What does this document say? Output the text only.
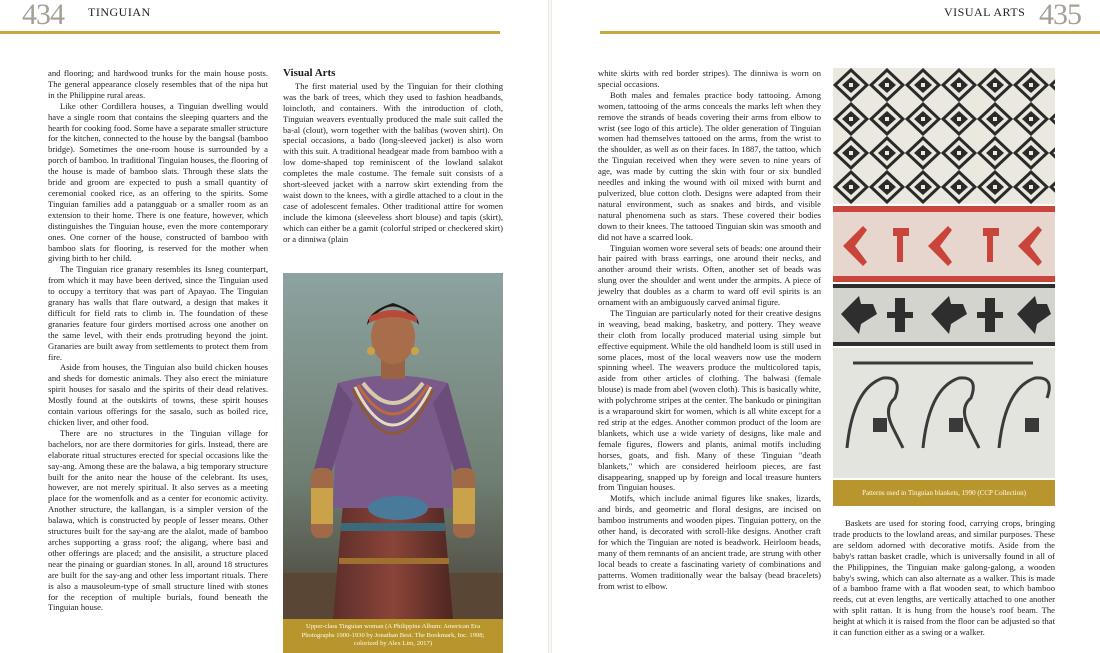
434 TINGUIAN

and flooring; and hardwood trunks for the main house posts. The general appearance closely resembles that of the nipa hut in the Philippine rural areas.

Like other Cordillera houses, a Tinguian dwelling would have a single room that contains the sleeping quarters and the hearth for cooking food. Some have a separate smaller structure for the kitchen, connected to the house by the bangsal (bamboo bridge). Sometimes the one-room house is surrounded by a porch of bamboo. In traditional Tinguian houses, the flooring of the house is made of bamboo slats. Through these slats the bride and groom are expected to push a small quantity of ceremonial cooked rice, as an offering to the spirits. Some Tinguian families add a patangguab or a smaller room as an extension to their home. There is one feature, however, which distinguishes the Tinguian house, even the more contemporary ones. One corner of the house, constructed of bamboo with bamboo slats for flooring, is reserved for the mother when giving birth to her child.

The Tinguian rice granary resembles its Isneg counterpart, from which it may have been derived, since the Tinguian used to occupy a territory that was part of Apayao. The Tinguian granary has walls that flare outward, a design that makes it difficult for field rats to climb in. The foundation of these granaries feature four girders mortised across one another on the same level, with their ends protruding beyond the joint. Granaries are built away from settlements to protect them from fire.

Aside from houses, the Tinguian also build chicken houses and sheds for domestic animals. They also erect the miniature spirit houses for sasalo and the spirits of their dead relatives. Mostly found at the outskirts of towns, these spirit houses contain various offerings for the sasalo, such as boiled rice, chicken liver, and other food.

There are no structures in the Tinguian village for bachelors, nor are there dormitories for girls. Instead, there are elaborate ritual structures erected for special occasions like the say-ang. Among these are the balawa, a big temporary structure built for the anito near the house of the celebrant. Its uses, however, are not merely spiritual. It also serves as a meeting place for the womenfolk and as a center for economic activity. Another structure, the kallangan, is a simpler version of the balawa, which is constructed by people of lesser means. Other structures built for the say-ang are the alalot, made of bamboo arches supporting a grass roof; the aligang, where basi and other offerings are placed; and the ansisilit, a structure placed near the pinaing or guardian stones. In all, around 18 structures are built for the say-ang and other less important rituals. There is also a mausoleum-type of small structure lined with stones for the reception of multiple burials, found beneath the Tinguian house.

Visual Arts

The first material used by the Tinguian for their clothing was the bark of trees, which they used to fashion headbands, loincloth, and containers. With the introduction of cloth, Tinguian weavers eventually produced the male suit called the ba-al (clout), worn together with the balibas (woven shirt). On special occasions, a bado (long-sleeved jacket) is also worn with this suit. A traditional headgear made from bamboo with a low dome-shaped top reminiscent of the lowland salakot completes the male costume. The female suit consists of a short-sleeved jacket with a narrow skirt extending from the waist down to the knees, with a girdle attached to a clout in the case of adolescent females. Other traditional attire for women include the kimona (sleeveless short blouse) and tapis (skirt), which can either be a gamit (colorful striped or checkered skirt) or a dinniwa (plain

Upper-class Tinguian woman (A Philippine Album: American Era Photographs 1900-1930 by Jonathan Best. The Bookmark, Inc. 1998; colorized by Alex Lim, 2017)
435
VISUAL ARTS

white skirts with red border stripes). The dinniwa is worn on special occasions.

Both males and females practice body tattooing. Among women, tattooing of the arms conceals the marks left when they remove the strands of beads covering their arms from elbow to wrist (see logo of this article). The older generation of Tinguian women had themselves tattooed on the arms, from the wrist to the shoulder, as well as on their faces. In 1887, the tattoo, which the Tinguian received when they were seven to nine years of age, was made by cutting the skin with four or six bundled needles and inking the wound with oil mixed with burnt and pulverized, blue cotton cloth. Designs were adapted from their natural environment, such as snakes and birds, and visible natural phenomena such as stars. These covered their bodies down to their knees. The tattooed Tinguian skin was smooth and did not have a scarred look.

Tinguian women wore several sets of beads: one around their hair paired with brass earrings, one around their necks, and another around their wrists. Often, another set of beads was slung over the shoulder and went under the armpits. A piece of jewelry that doubles as a charm to ward off evil spirits is an ornament with an ambiguously carved animal figure.

The Tinguian are particularly noted for their creative designs in weaving, bead making, basketry, and pottery. They weave their cloth from locally produced material using simple but effective equipment. While the old handheld loom is still used in some places, most of the local weavers now use the modern spinning wheel. The weavers produce the multicolored tapis, aside from other articles of clothing. The balwasi (female blouse) is made from abel (woven cloth). This is basically white, with polychrome stripes at the center. The bankudo or piningitan is a wraparound skirt for women, which is all white except for a red strip at the edges. Another common product of the loom are blankets, which use a wide variety of designs, like male and female figures, flowers and plants, animal motifs including horses, goats, and fish. Many of these Tinguian "death blankets," which are considered heirloom pieces, are fast disappearing, snapped up by foreign and local treasure hunters from Tinguian houses.

Motifs, which include animal figures like snakes, lizards, and birds, and geometric and floral designs, are incised on bamboo instruments and wooden pipes. Tinguian pottery, on the other hand, is decorated with scroll-like designs. Another craft for which the Tinguian are noted is beadwork. Heirloom beads, many of them remnants of an ancient trade, are strung with other local beads to create a fascinating variety of combinations and patterns. Women traditionally wear the balsay (bead bracelets) from wrist to elbow.

Patterns used in Tinguian blankets, 1990 (CCP Collection)

Baskets are used for storing food, carrying crops, bringing trade products to the lowland areas, and similar purposes. These are seldom adorned with decorative motifs. Aside from the baby's rattan basket cradle, which is universally found in all of the Philippines, the Tinguian make galong-galong, a wooden baby's swing, which can also alternate as a walker. This is made of a bamboo frame with a flat wooden seat, to which bamboo reeds, cut at even lengths, are vertically attached to one another with split rattan. It is hung from the house's roof beam. The height at which it is raised from the floor can be adjusted so that it can function either as a swing or a walker.
